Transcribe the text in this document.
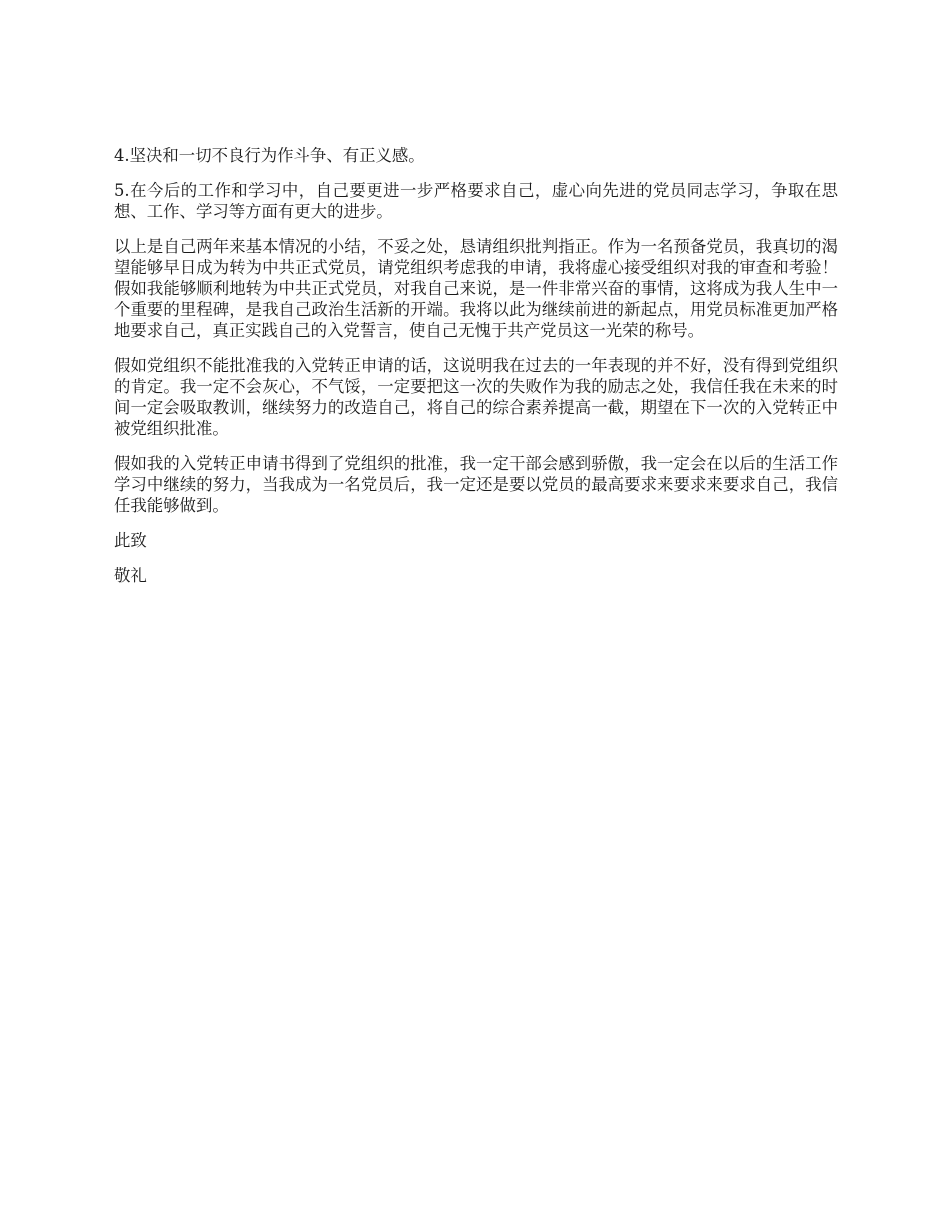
4.坚决和一切不良行为作斗争、有正义感。

5.在今后的工作和学习中，自己要更进一步严格要求自己，虚心向先进的党员同志学习，争取在思想、工作、学习等方面有更大的进步。

以上是自己两年来基本情况的小结，不妥之处，恳请组织批判指正。作为一名预备党员，我真切的渴望能够早日成为转为中共正式党员，请党组织考虑我的申请，我将虚心接受组织对我的审查和考验！假如我能够顺利地转为中共正式党员，对我自己来说，是一件非常兴奋的事情，这将成为我人生中一个重要的里程碑，是我自己政治生活新的开端。我将以此为继续前进的新起点，用党员标准更加严格地要求自己，真正实践自己的入党誓言，使自己无愧于共产党员这一光荣的称号。

假如党组织不能批准我的入党转正申请的话，这说明我在过去的一年表现的并不好，没有得到党组织的肯定。我一定不会灰心，不气馁，一定要把这一次的失败作为我的励志之处，我信任我在未来的时间一定会吸取教训，继续努力的改造自己，将自己的综合素养提高一截，期望在下一次的入党转正中被党组织批准。

假如我的入党转正申请书得到了党组织的批准，我一定干部会感到骄傲，我一定会在以后的生活工作学习中继续的努力，当我成为一名党员后，我一定还是要以党员的最高要求来要求来要求自己，我信任我能够做到。

此致

敬礼
